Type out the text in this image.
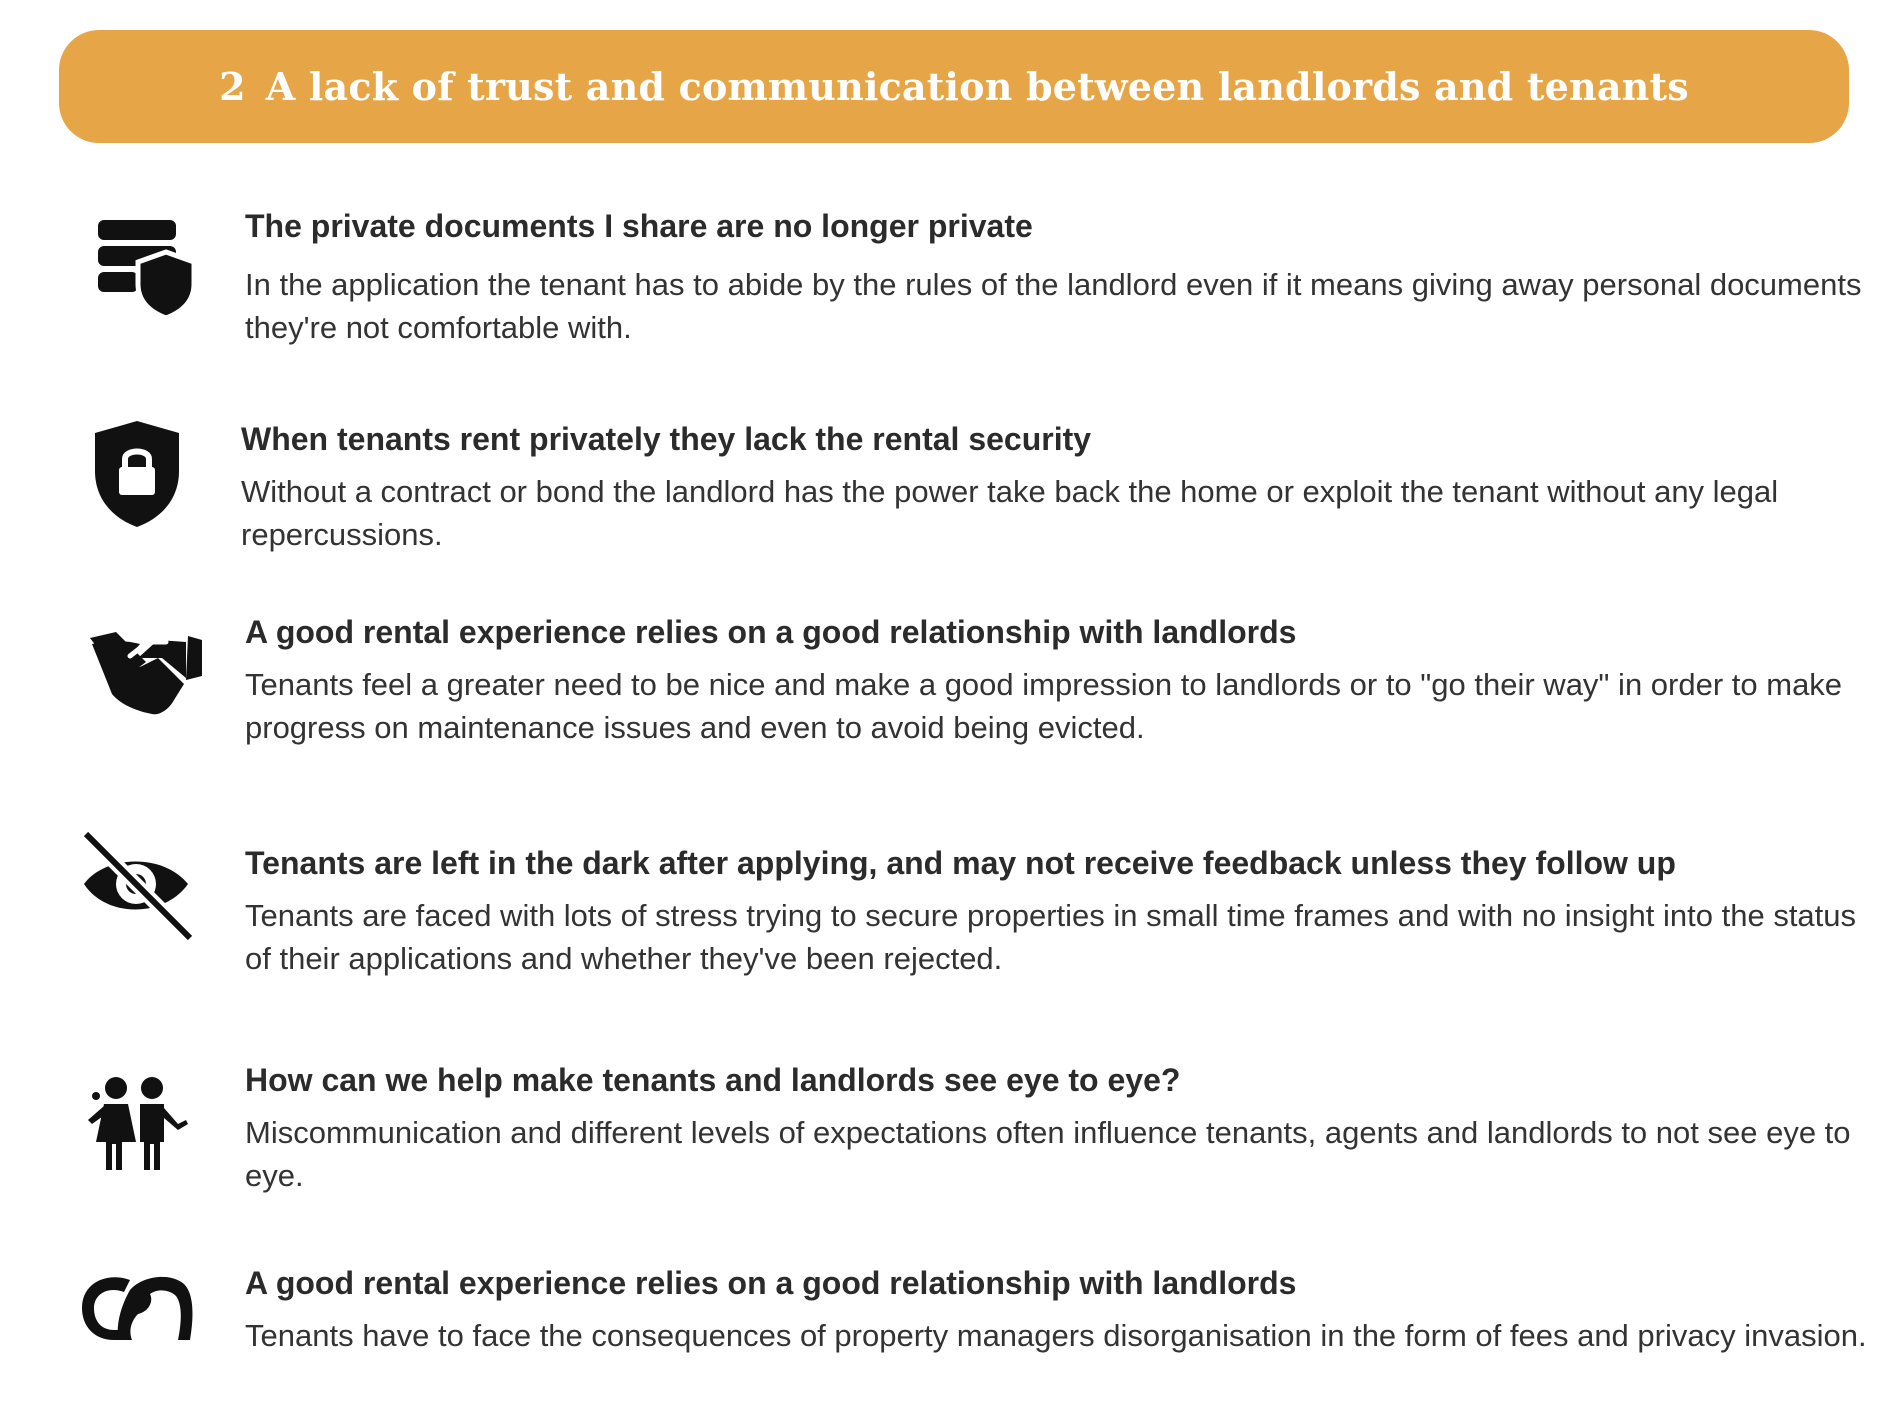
2 A lack of trust and communication between landlords and tenants

The private documents I share are no longer private

In the application the tenant has to abide by the rules of the landlord even if it means giving away personal documents they're not comfortable with.

When tenants rent privately they lack the rental security

Without a contract or bond the landlord has the power take back the home or exploit the tenant without any legal repercussions.

A good rental experience relies on a good relationship with landlords

Tenants feel a greater need to be nice and make a good impression to landlords or to "go their way" in order to make progress on maintenance issues and even to avoid being evicted.

Tenants are left in the dark after applying, and may not receive feedback unless they follow up

Tenants are faced with lots of stress trying to secure properties in small time frames and with no insight into the status of their applications and whether they've been rejected.

How can we help make tenants and landlords see eye to eye?

Miscommunication and different levels of expectations often influence tenants, agents and landlords to not see eye to eye.

A good rental experience relies on a good relationship with landlords

Tenants have to face the consequences of property managers disorganisation in the form of fees and privacy invasion.
